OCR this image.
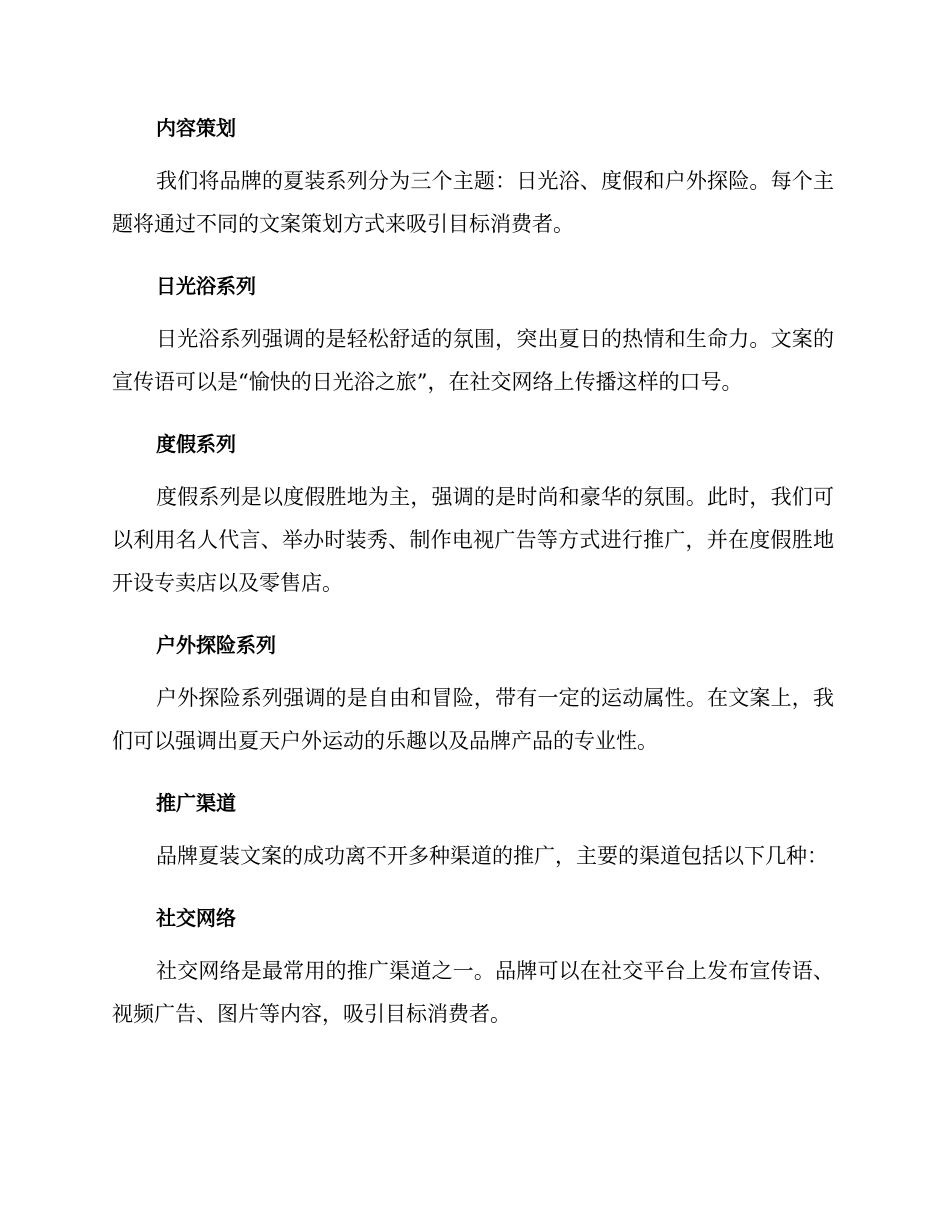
内容策划

我们将品牌的夏装系列分为三个主题：日光浴、度假和户外探险。每个主题将通过不同的文案策划方式来吸引目标消费者。

日光浴系列

日光浴系列强调的是轻松舒适的氛围，突出夏日的热情和生命力。文案的宣传语可以是“愉快的日光浴之旅”，在社交网络上传播这样的口号。

度假系列

度假系列是以度假胜地为主，强调的是时尚和豪华的氛围。此时，我们可以利用名人代言、举办时装秀、制作电视广告等方式进行推广，并在度假胜地开设专卖店以及零售店。

户外探险系列

户外探险系列强调的是自由和冒险，带有一定的运动属性。在文案上，我们可以强调出夏天户外运动的乐趣以及品牌产品的专业性。

推广渠道

品牌夏装文案的成功离不开多种渠道的推广，主要的渠道包括以下几种：

社交网络

社交网络是最常用的推广渠道之一。品牌可以在社交平台上发布宣传语、视频广告、图片等内容，吸引目标消费者。
